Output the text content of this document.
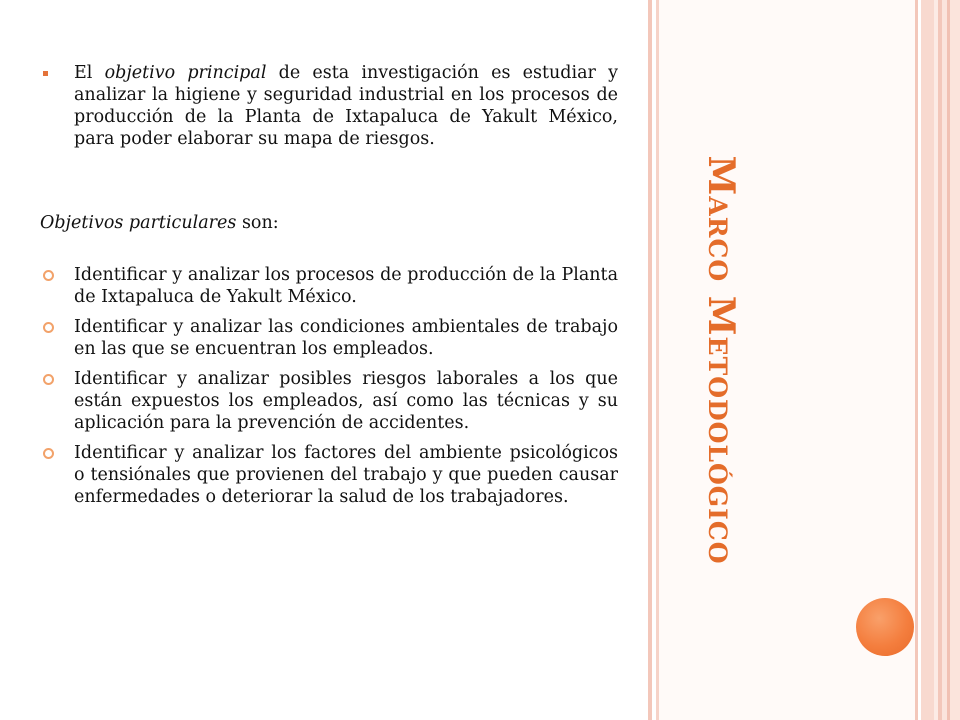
Marco Metodológico

El objetivo principal de esta investigación es estudiar y analizar la higiene y seguridad industrial en los procesos de producción de la Planta de Ixtapaluca de Yakult México, para poder elaborar su mapa de riesgos.

Objetivos particulares son:

Identificar y analizar los procesos de producción de la Planta de Ixtapaluca de Yakult México.

Identificar y analizar las condiciones ambientales de trabajo en las que se encuentran los empleados.

Identificar y analizar posibles riesgos laborales a los que están expuestos los empleados, así como las técnicas y su aplicación para la prevención de accidentes.

Identificar y analizar los factores del ambiente psicológicos o tensiónales que provienen del trabajo y que pueden causar enfermedades o deteriorar la salud de los trabajadores.
